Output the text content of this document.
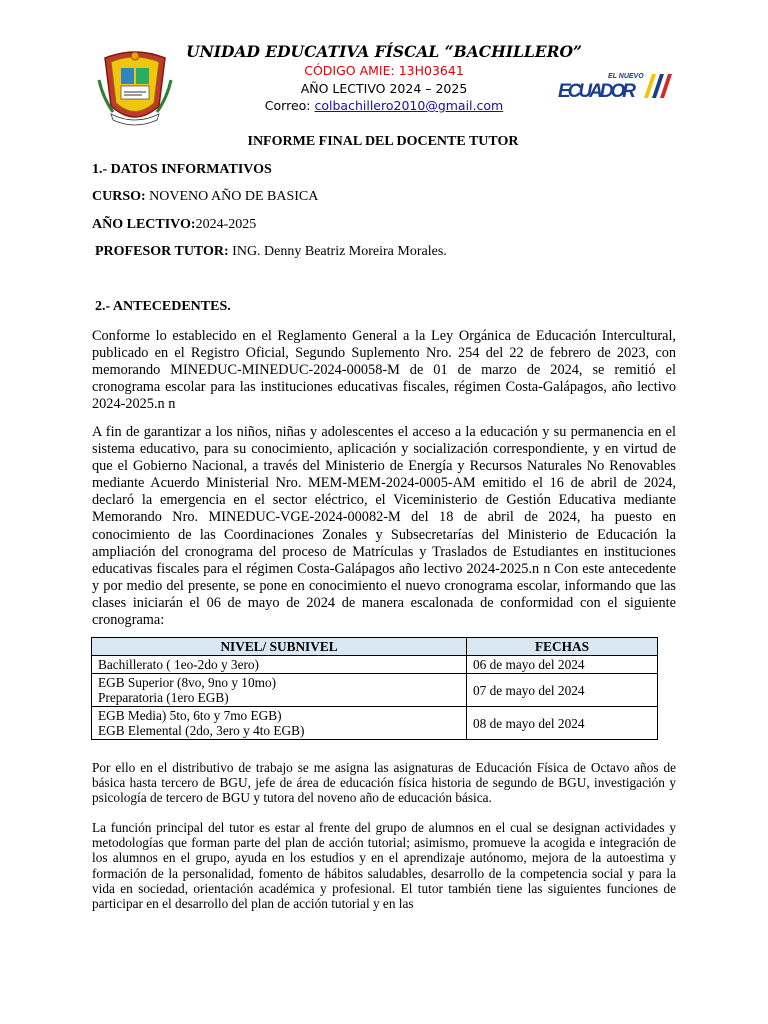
UNIDAD EDUCATIVA FÍSCAL “BACHILLERO”
CÓDIGO AMIE: 13H03641
AÑO LECTIVO 2024 – 2025
Correo: colbachillero2010@gmail.com
EL NUEVO
ECUADOR
INFORME FINAL DEL DOCENTE TUTOR
1.- DATOS INFORMATIVOS
CURSO: NOVENO AÑO DE BASICA
AÑO LECTIVO:2024-2025
PROFESOR TUTOR: ING. Denny Beatriz Moreira Morales.
2.- ANTECEDENTES.
Conforme lo establecido en el Reglamento General a la Ley Orgánica de Educación Intercultural, publicado en el Registro Oficial, Segundo Suplemento Nro. 254 del 22 de febrero de 2023, con memorando MINEDUC-MINEDUC-2024-00058-M de 01 de marzo de 2024, se remitió el cronograma escolar para las instituciones educativas fiscales, régimen Costa-Galápagos, año lectivo 2024-2025.n n
A fin de garantizar a los niños, niñas y adolescentes el acceso a la educación y su permanencia en el sistema educativo, para su conocimiento, aplicación y socialización correspondiente, y en virtud de que el Gobierno Nacional, a través del Ministerio de Energía y Recursos Naturales No Renovables mediante Acuerdo Ministerial Nro. MEM-MEM-2024-0005-AM emitido el 16 de abril de 2024, declaró la emergencia en el sector eléctrico, el Viceministerio de Gestión Educativa mediante Memorando Nro. MINEDUC-VGE-2024-00082-M del 18 de abril de 2024, ha puesto en conocimiento de las Coordinaciones Zonales y Subsecretarías del Ministerio de Educación la ampliación del cronograma del proceso de Matrículas y Traslados de Estudiantes en instituciones educativas fiscales para el régimen Costa-Galápagos año lectivo 2024-2025.n n Con este antecedente y por medio del presente, se pone en conocimiento el nuevo cronograma escolar, informando que las clases iniciarán el 06 de mayo de 2024 de manera escalonada de conformidad con el siguiente cronograma:
NIVEL/ SUBNIVEL	FECHAS

Bachillerato ( 1eo-2do y 3ero)	06 de mayo del 2024

EGB Superior (8vo, 9no y 10mo)
Preparatoria (1ero EGB)	07 de mayo del 2024

EGB Media) 5to, 6to y 7mo EGB)
EGB Elemental (2do, 3ero y 4to EGB)	08 de mayo del 2024
Por ello en el distributivo de trabajo se me asigna las asignaturas de Educación Física de Octavo años de básica hasta tercero de BGU, jefe de área de educación física historia de segundo de BGU, investigación y psicología de tercero de BGU y tutora del noveno año de educación básica.
La función principal del tutor es estar al frente del grupo de alumnos en el cual se designan actividades y metodologías que forman parte del plan de acción tutorial; asimismo, promueve la acogida e integración de los alumnos en el grupo, ayuda en los estudios y en el aprendizaje autónomo, mejora de la autoestima y formación de la personalidad, fomento de hábitos saludables, desarrollo de la competencia social y para la vida en sociedad, orientación académica y profesional. El tutor también tiene las siguientes funciones de participar en el desarrollo del plan de acción tutorial y en las
